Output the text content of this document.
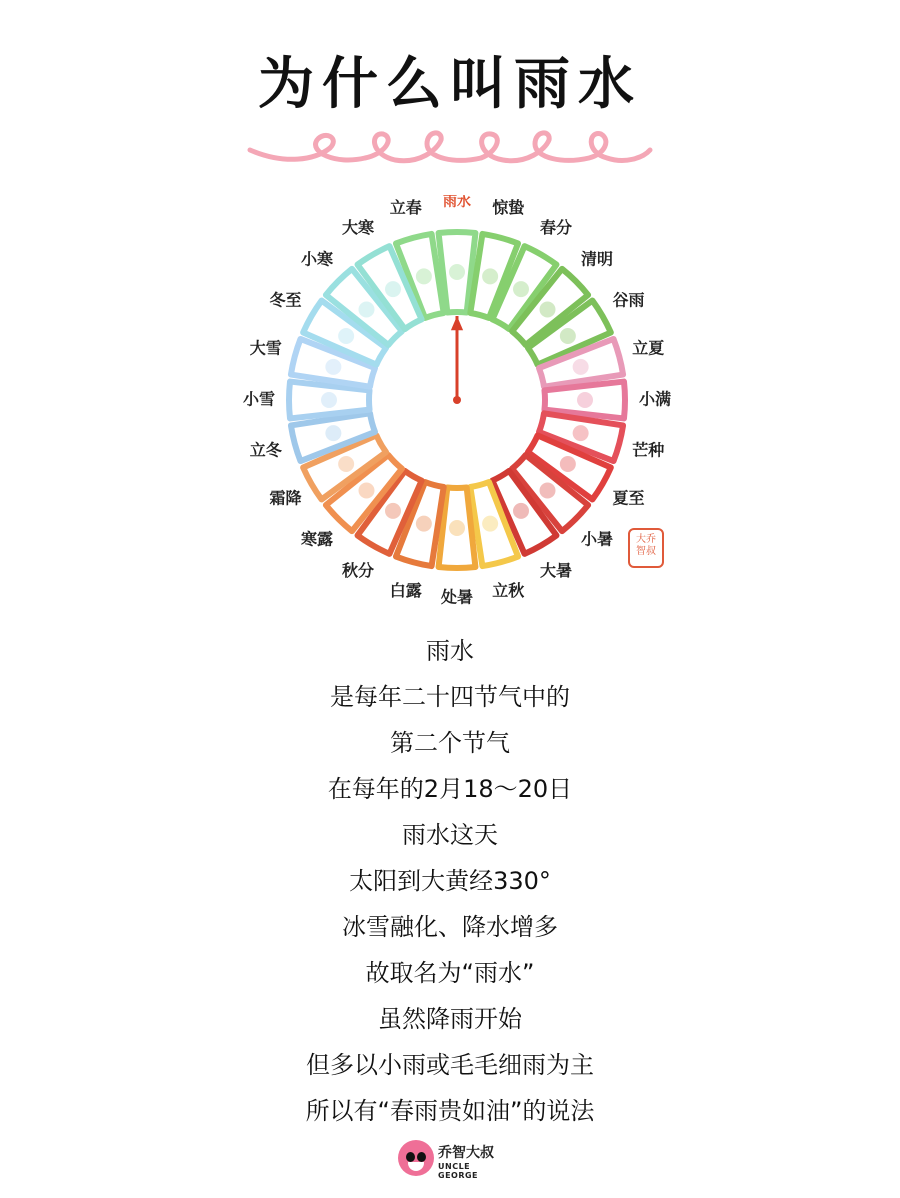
为什么叫雨水
立春 雨水 惊蛰
春分
清明
谷雨
立夏
小满
芒种
夏至
小暑
大暑
立秋
处暑
白露
秋分
寒露
霜降
立冬
小雪
大雪
冬至
小寒
大寒
大乔
智叔
雨水
是每年二十四节气中的
第二个节气
在每年的2月18～20日
雨水这天
太阳到大黄经330°
冰雪融化、降水增多
故取名为“雨水”
虽然降雨开始
但多以小雨或毛毛细雨为主
所以有“春雨贵如油”的说法
乔智大叔
UNCLE GEORGE
